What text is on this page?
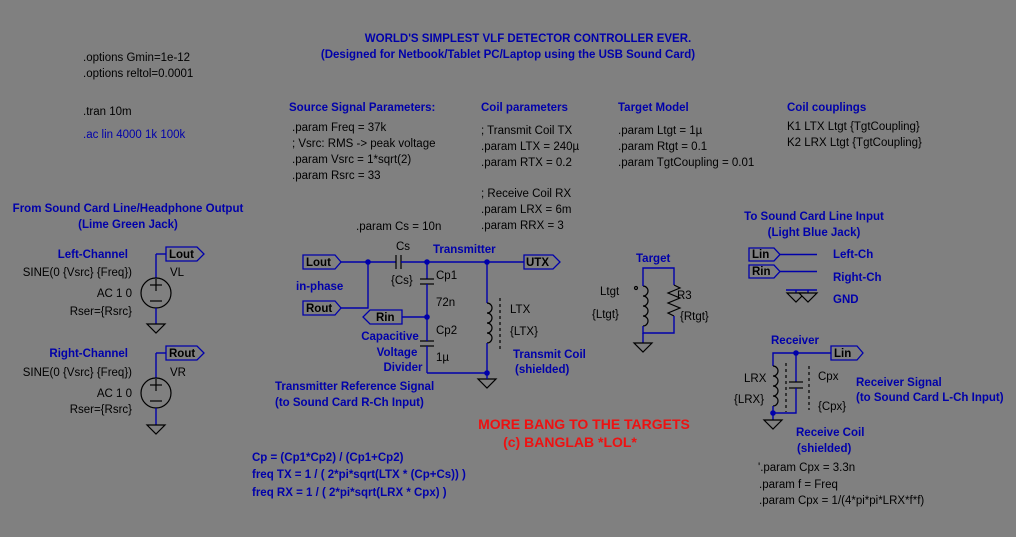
WORLD'S SIMPLEST VLF DETECTOR CONTROLLER EVER.
(Designed for Netbook/Tablet PC/Laptop using the USB Sound Card)
.options Gmin=1e-12
.options reltol=0.0001
.tran 10m
.ac lin 4000 1k 100k
Source Signal Parameters:
.param Freq = 37k
; Vsrc: RMS -> peak voltage
.param Vsrc = 1*sqrt(2)
.param Rsrc = 33
Coil parameters
; Transmit Coil TX
.param LTX = 240µ
.param RTX = 0.2
; Receive Coil RX
.param LRX = 6m
.param RRX = 3
Target Model
.param Ltgt = 1µ
.param Rtgt = 0.1
.param TgtCoupling = 0.01
Coil couplings
K1 LTX Ltgt {TgtCoupling}
K2 LRX Ltgt {TgtCoupling}
From Sound Card Line/Headphone Output
(Lime Green Jack)
Left-Channel	Lout
VL
SINE(0 {Vsrc} {Freq})
AC 1 0
Rser={Rsrc}
Right-Channel	Rout
VR
SINE(0 {Vsrc} {Freq})
AC 1 0
Rser={Rsrc}
.param Cs = 10n
Lout
Rout
in-phase
Cs
{Cs}
Transmitter
UTX
Cp1
72n
Rin
Cp2
1µ
Capacitive
Voltage
Divider
LTX
{LTX}
Transmit Coil
(shielded)
Transmitter Reference Signal
(to Sound Card R-Ch Input)
Target
Ltgt
{Ltgt}
R3
{Rtgt}
To Sound Card Line Input
(Light Blue Jack)
Lin	Left-Ch
Rin	Right-Ch
GND
Receiver
Lin
LRX
{LRX}
Cpx
{Cpx}
Receiver Signal
(to Sound Card L-Ch Input)
Receive Coil
(shielded)
'.param Cpx = 3.3n
.param f = Freq
.param Cpx = 1/(4*pi*pi*LRX*f*f)
MORE BANG TO THE TARGETS
(c) BANGLAB *LOL*
Cp = (Cp1*Cp2) / (Cp1+Cp2)
freq TX = 1 / ( 2*pi*sqrt(LTX * (Cp+Cs)) )
freq RX = 1 / ( 2*pi*sqrt(LRX * Cpx) )
